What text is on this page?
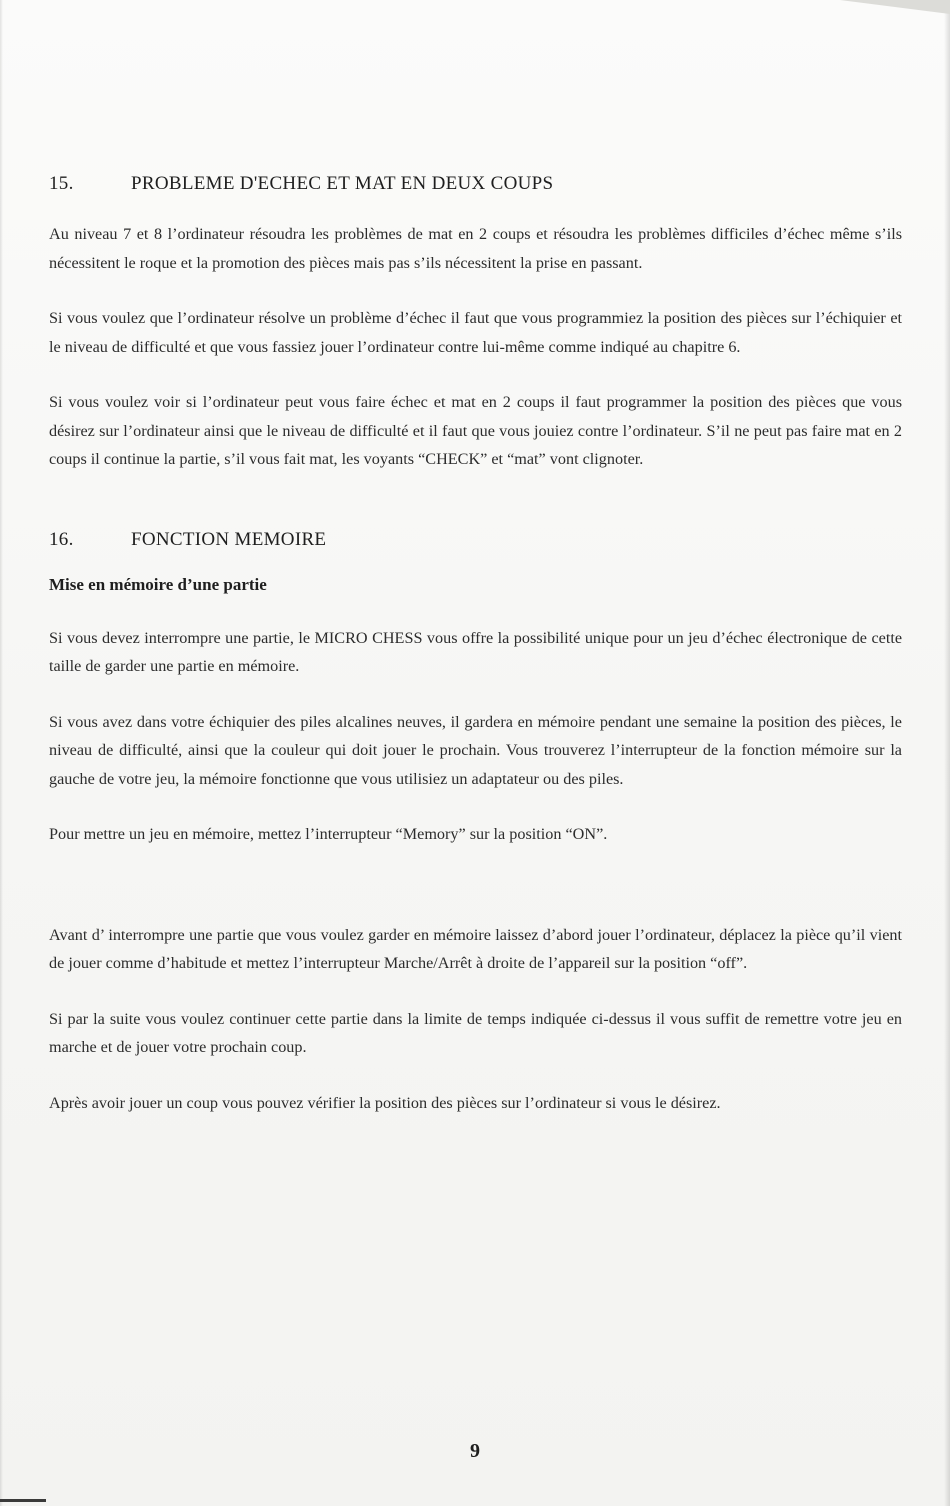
15.	PROBLEME D'ECHEC ET MAT EN DEUX COUPS

Au niveau 7 et 8 l’ordinateur résoudra les problèmes de mat en 2 coups et résoudra les problèmes difficiles d’échec même s’ils nécessitent le roque et la promotion des pièces mais pas s’ils nécessitent la prise en passant.

Si vous voulez que l’ordinateur résolve un problème d’échec il faut que vous programmiez la position des pièces sur l’échiquier et le niveau de difficulté et que vous fassiez jouer l’ordinateur contre lui-même comme indiqué au chapitre 6.

Si vous voulez voir si l’ordinateur peut vous faire échec et mat en 2 coups il faut programmer la position des pièces que vous désirez sur l’ordinateur ainsi que le niveau de difficulté et il faut que vous jouiez contre l’ordinateur. S’il ne peut pas faire mat en 2 coups il continue la partie, s’il vous fait mat, les voyants “CHECK” et “mat” vont clignoter.

16.	FONCTION MEMOIRE
Mise en mémoire d’une partie

Si vous devez interrompre une partie, le MICRO CHESS vous offre la possibilité unique pour un jeu d’échec électronique de cette taille de garder une partie en mémoire.

Si vous avez dans votre échiquier des piles alcalines neuves, il gardera en mémoire pendant une semaine la position des pièces, le niveau de difficulté, ainsi que la couleur qui doit jouer le prochain. Vous trouverez l’interrupteur de la fonction mémoire sur la gauche de votre jeu, la mémoire fonctionne que vous utilisiez un adaptateur ou des piles.

Pour mettre un jeu en mémoire, mettez l’interrupteur “Memory” sur la position “ON”.

Avant d’ interrompre une partie que vous voulez garder en mémoire laissez d’abord jouer l’ordinateur, déplacez la pièce qu’il vient de jouer comme d’habitude et mettez l’interrupteur Marche/Arrêt à droite de l’appareil sur la position “off”.

Si par la suite vous voulez continuer cette partie dans la limite de temps indiquée ci-dessus il vous suffit de remettre votre jeu en marche et de jouer votre prochain coup.

Après avoir jouer un coup vous pouvez vérifier la position des pièces sur l’ordinateur si vous le désirez.

9
